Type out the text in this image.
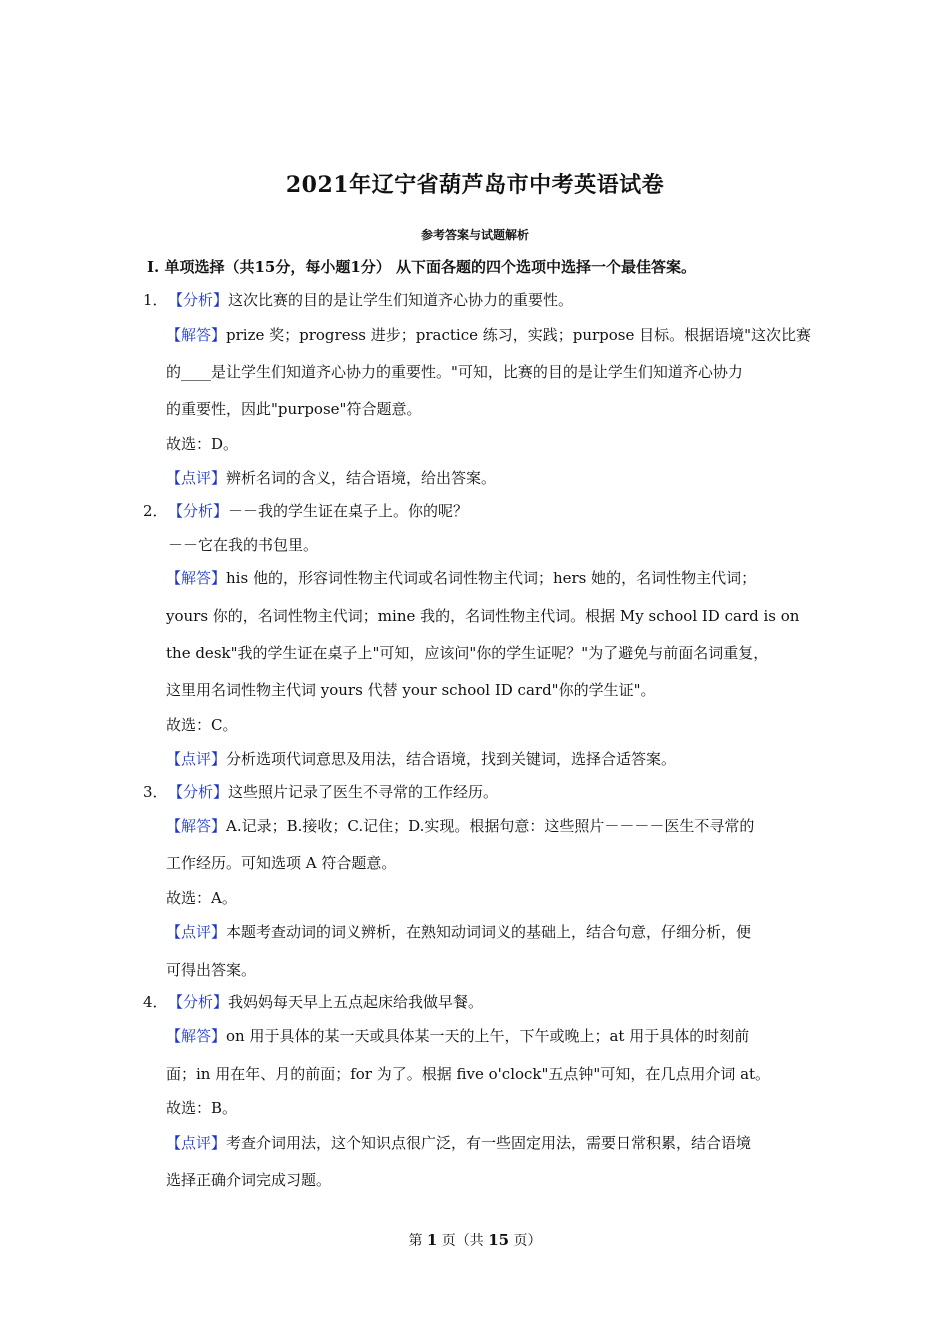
2021年辽宁省葫芦岛市中考英语试卷
参考答案与试题解析
Ⅰ. 单项选择（共15分，每小题1分） 从下面各题的四个选项中选择一个最佳答案。
1． 【分析】这次比赛的目的是让学生们知道齐心协力的重要性。
【解答】prize 奖；progress 进步；practice 练习，实践；purpose 目标。根据语境"这次比赛
的____是让学生们知道齐心协力的重要性。"可知，比赛的目的是让学生们知道齐心协力
的重要性，因此"purpose"符合题意。
故选：D。
【点评】辨析名词的含义，结合语境，给出答案。
2． 【分析】－－我的学生证在桌子上。你的呢？
－－它在我的书包里。
【解答】his 他的，形容词性物主代词或名词性物主代词；hers 她的，名词性物主代词；
yours 你的，名词性物主代词；mine 我的，名词性物主代词。根据 My school ID card is on
the desk"我的学生证在桌子上"可知，应该问"你的学生证呢？"为了避免与前面名词重复，
这里用名词性物主代词 yours 代替 your school ID card"你的学生证"。
故选：C。
【点评】分析选项代词意思及用法，结合语境，找到关键词，选择合适答案。
3． 【分析】这些照片记录了医生不寻常的工作经历。
【解答】A.记录；B.接收；C.记住；D.实现。根据句意：这些照片－－－－医生不寻常的
工作经历。可知选项 A 符合题意。
故选：A。
【点评】本题考查动词的词义辨析，在熟知动词词义的基础上，结合句意，仔细分析，便
可得出答案。
4． 【分析】我妈妈每天早上五点起床给我做早餐。
【解答】on 用于具体的某一天或具体某一天的上午，下午或晚上；at 用于具体的时刻前
面；in 用在年、月的前面；for 为了。根据 five o'clock"五点钟"可知，在几点用介词 at。
故选：B。
【点评】考查介词用法，这个知识点很广泛，有一些固定用法，需要日常积累，结合语境
选择正确介词完成习题。
第 1 页（共 15 页）
